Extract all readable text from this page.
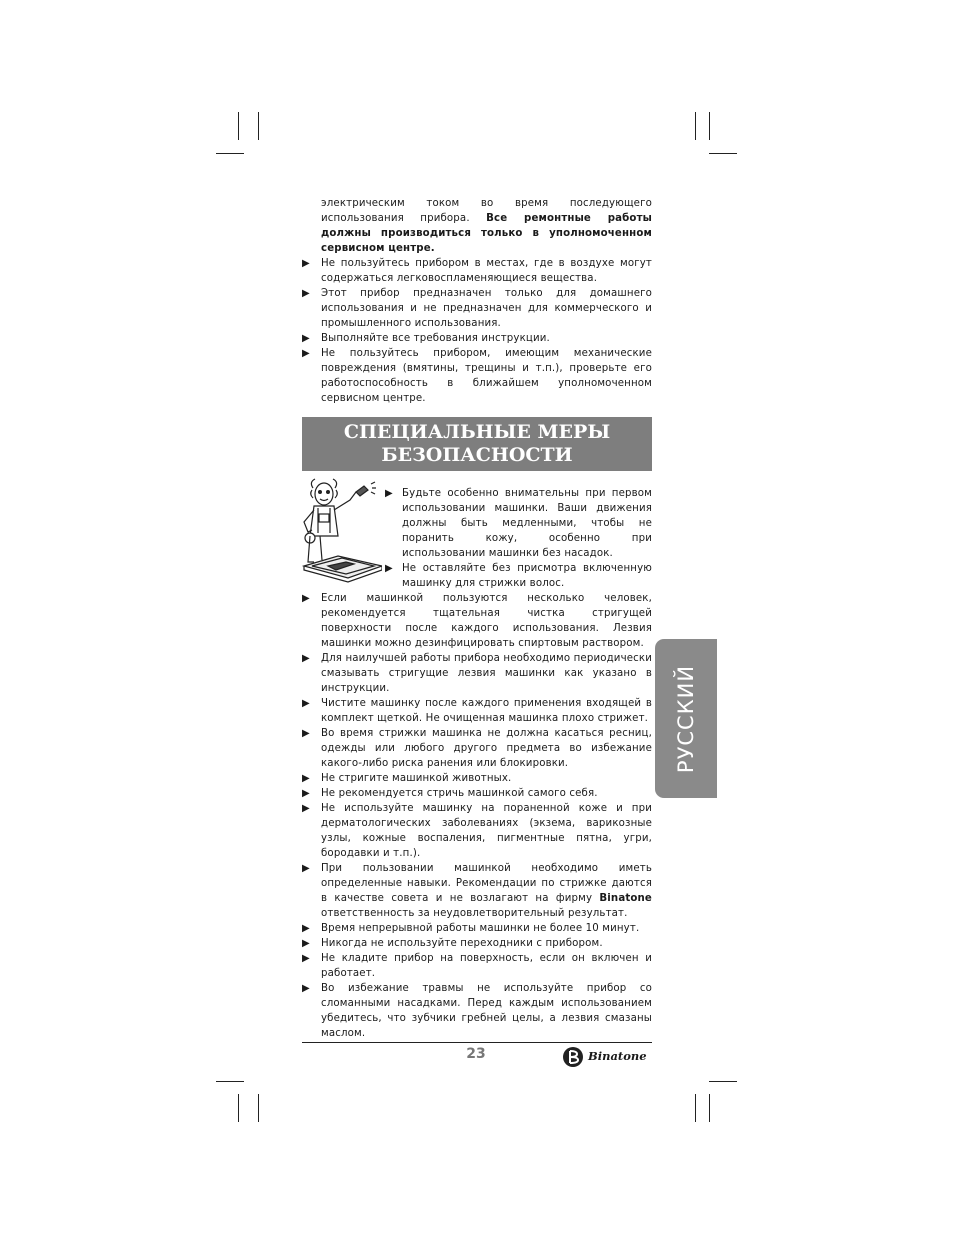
электрическим током во время последующего использования прибора. Все ремонтные работы должны производиться только в уполномоченном сервисном центре.

▶ Не пользуйтесь прибором в местах, где в воздухе могут содержаться легковоспламеняющиеся вещества.
▶ Этот прибор предназначен только для домашнего использования и не предназначен для коммерческого и промышленного использования.
▶ Выполняйте все требования инструкции.
▶ Не пользуйтесь прибором, имеющим механические повреждения (вмятины, трещины и т.п.), проверьте его работоспособность в ближайшем уполномоченном сервисном центре.
СПЕЦИАЛЬНЫЕ МЕРЫ
БЕЗОПАСНОСТИ
▶ Будьте особенно внимательны при первом использовании машинки. Ваши движения должны быть медленными, чтобы не поранить кожу, особенно при использовании машинки без насадок.
▶ Не оставляйте без присмотра включенную машинку для стрижки волос.
▶ Если машинкой пользуются несколько человек, рекомендуется тщательная чистка стригущей поверхности после каждого использования. Лезвия машинки можно дезинфицировать спиртовым раствором.
▶ Для наилучшей работы прибора необходимо периодически смазывать стригущие лезвия машинки как указано в инструкции.
▶ Чистите машинку после каждого применения входящей в комплект щеткой. Не очищенная машинка плохо стрижет.
▶ Во время стрижки машинка не должна касаться ресниц, одежды или любого другого предмета во избежание какого-либо риска ранения или блокировки.
▶ Не стригите машинкой животных.
▶ Не рекомендуется стричь машинкой самого себя.
▶ Не используйте машинку на пораненной коже и при дерматологических заболеваниях (экзема, варикозные узлы, кожные воспаления, пигментные пятна, угри, бородавки и т.п.).
▶ При пользовании машинкой необходимо иметь определенные навыки. Рекомендации по стрижке даются в качестве совета и не возлагают на фирму Binatone ответственность за неудовлетворительный результат.
▶ Время непрерывной работы машинки не более 10 минут.
▶ Никогда не используйте переходники с прибором.
▶ Не кладите прибор на поверхность, если он включен и работает.
▶ Во избежание травмы не используйте прибор со сломанными насадками. Перед каждым использованием убедитесь, что зубчики гребней целы, а лезвия смазаны маслом.
РУССКИЙ
23	Binatone
